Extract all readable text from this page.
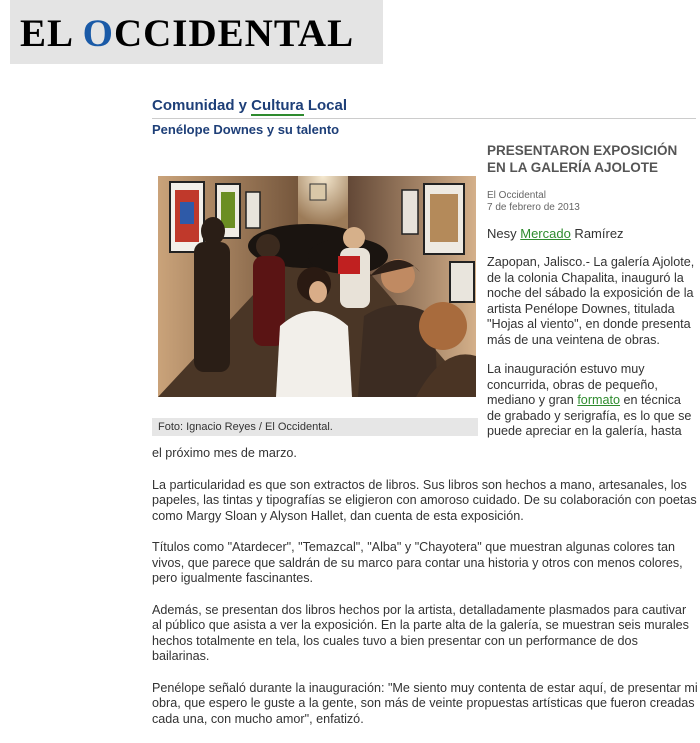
EL OCCIDENTAL
Comunidad y Cultura Local
Penélope Downes y su talento
Foto: Ignacio Reyes / El Occidental.
PRESENTARON EXPOSICIÓN EN LA GALERÍA AJOLOTE
El Occidental
7 de febrero de 2013
Nesy Mercado Ramírez

Zapopan, Jalisco.- La galería Ajolote, de la colonia Chapalita, inauguró la noche del sábado la exposición de la artista Penélope Downes, titulada "Hojas al viento", en donde presenta más de una veintena de obras.

La inauguración estuvo muy concurrida, obras de pequeño, mediano y gran formato en técnica de grabado y serigrafía, es lo que se puede apreciar en la galería, hasta

el próximo mes de marzo.

La particularidad es que son extractos de libros. Sus libros son hechos a mano, artesanales, los papeles, las tintas y tipografías se eligieron con amoroso cuidado. De su colaboración con poetas como Margy Sloan y Alyson Hallet, dan cuenta de esta exposición.

Títulos como "Atardecer", "Temazcal", "Alba" y "Chayotera" que muestran algunas colores tan vivos, que parece que saldrán de su marco para contar una historia y otros con menos colores, pero igualmente fascinantes.

Además, se presentan dos libros hechos por la artista, detalladamente plasmados para cautivar al público que asista a ver la exposición. En la parte alta de la galería, se muestran seis murales hechos totalmente en tela, los cuales tuvo a bien presentar con un performance de dos bailarinas.

Penélope señaló durante la inauguración: "Me siento muy contenta de estar aquí, de presentar mi obra, que espero le guste a la gente, son más de veinte propuestas artísticas que fueron creadas cada una, con mucho amor", enfatizó.
